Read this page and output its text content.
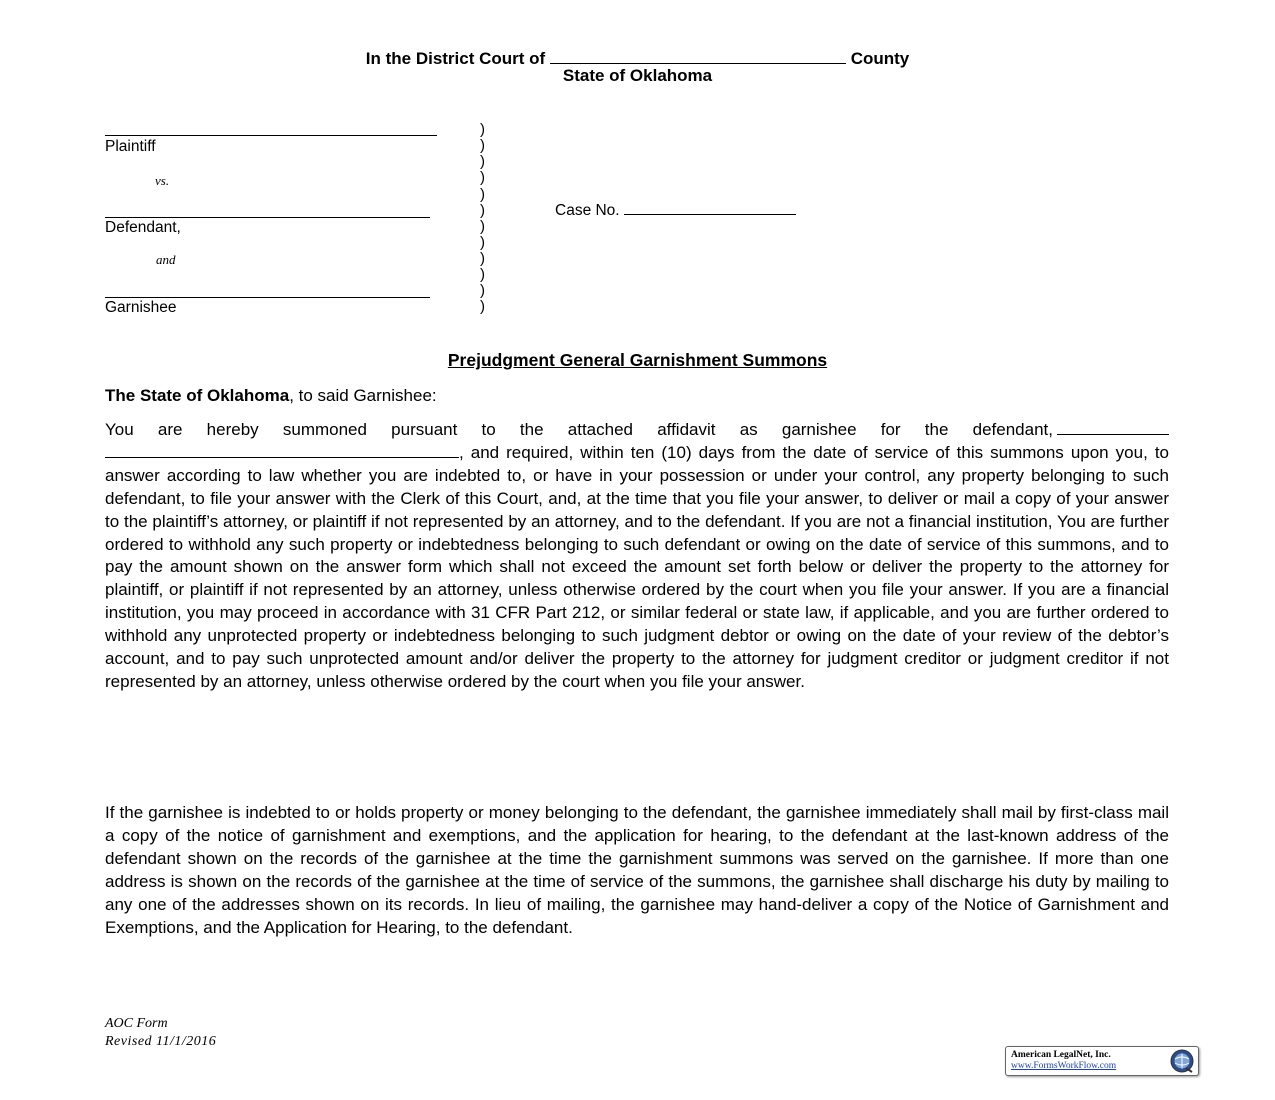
In the District Court of	County
State of Oklahoma
Plaintiff
vs.
Defendant,
and
Garnishee
)
)
)
)
)
)
)
)
)
)
)
)
Case No.
Prejudgment General Garnishment Summons
The State of Oklahoma, to said Garnishee:

You are hereby summoned pursuant to the attached affidavit as garnishee for the defendant, , and required, within ten (10) days from the date of service of this summons upon you, to answer according to law whether you are indebted to, or have in your possession or under your control, any property belonging to such defendant, to file your answer with the Clerk of this Court, and, at the time that you file your answer, to deliver or mail a copy of your answer to the plaintiff’s attorney, or plaintiff if not represented by an attorney, and to the defendant. If you are not a financial institution, You are further ordered to withhold any such property or indebtedness belonging to such defendant or owing on the date of service of this summons, and to pay the amount shown on the answer form which shall not exceed the amount set forth below or deliver the property to the attorney for plaintiff, or plaintiff if not represented by an attorney, unless otherwise ordered by the court when you file your answer. If you are a financial institution, you may proceed in accordance with 31 CFR Part 212, or similar federal or state law, if applicable, and you are further ordered to withhold any unprotected property or indebtedness belonging to such judgment debtor or owing on the date of your review of the debtor’s account, and to pay such unprotected amount and/or deliver the property to the attorney for judgment creditor or judgment creditor if not represented by an attorney, unless otherwise ordered by the court when you file your answer.

If the garnishee is indebted to or holds property or money belonging to the defendant, the garnishee immediately shall mail by first-class mail a copy of the notice of garnishment and exemptions, and the application for hearing, to the defendant at the last-known address of the defendant shown on the records of the garnishee at the time the garnishment summons was served on the garnishee. If more than one address is shown on the records of the garnishee at the time of service of the summons, the garnishee shall discharge his duty by mailing to any one of the addresses shown on its records. In lieu of mailing, the garnishee may hand-deliver a copy of the Notice of Garnishment and Exemptions, and the Application for Hearing, to the defendant.

AOC Form
Revised 11/1/2016
American LegalNet, Inc.
www.FormsWorkFlow.com
